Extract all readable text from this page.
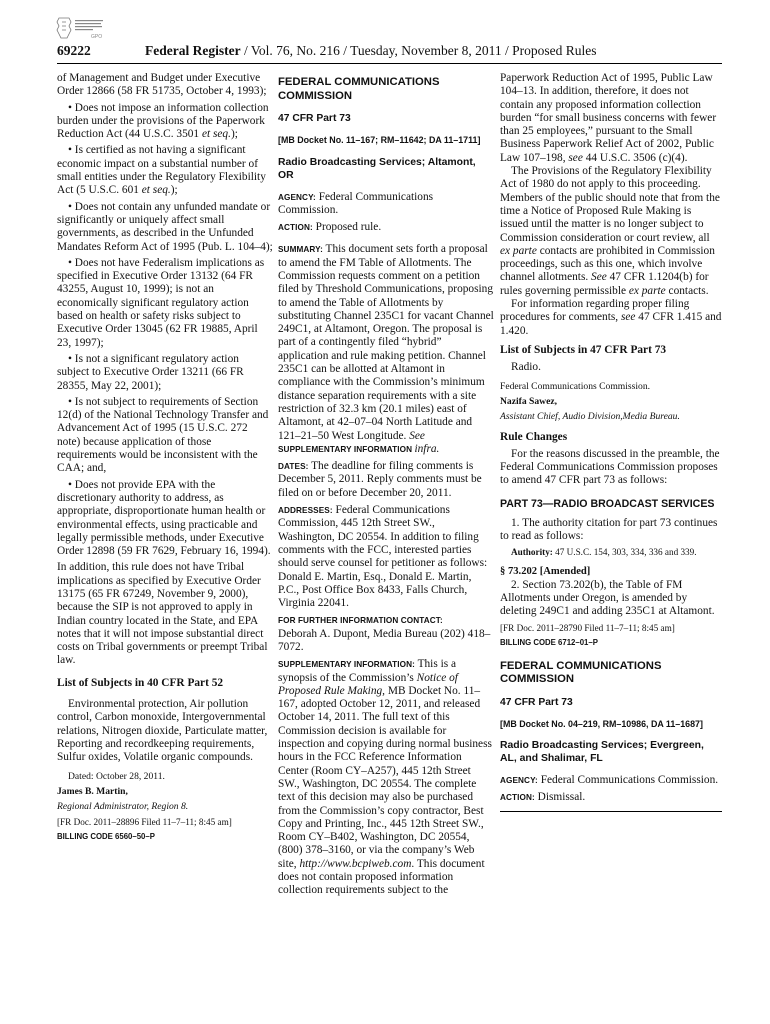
GPO
69222	Federal Register / Vol. 76, No. 216 / Tuesday, November 8, 2011 / Proposed Rules

of Management and Budget under Executive Order 12866 (58 FR 51735, October 4, 1993);

• Does not impose an information collection burden under the provisions of the Paperwork Reduction Act (44 U.S.C. 3501 et seq.);

• Is certified as not having a significant economic impact on a substantial number of small entities under the Regulatory Flexibility Act (5 U.S.C. 601 et seq.);

• Does not contain any unfunded mandate or significantly or uniquely affect small governments, as described in the Unfunded Mandates Reform Act of 1995 (Pub. L. 104–4);

• Does not have Federalism implications as specified in Executive Order 13132 (64 FR 43255, August 10, 1999); is not an economically significant regulatory action based on health or safety risks subject to Executive Order 13045 (62 FR 19885, April 23, 1997);

• Is not a significant regulatory action subject to Executive Order 13211 (66 FR 28355, May 22, 2001);

• Is not subject to requirements of Section 12(d) of the National Technology Transfer and Advancement Act of 1995 (15 U.S.C. 272 note) because application of those requirements would be inconsistent with the CAA; and,

• Does not provide EPA with the discretionary authority to address, as appropriate, disproportionate human health or environmental effects, using practicable and legally permissible methods, under Executive Order 12898 (59 FR 7629, February 16, 1994).

In addition, this rule does not have Tribal implications as specified by Executive Order 13175 (65 FR 67249, November 9, 2000), because the SIP is not approved to apply in Indian country located in the State, and EPA notes that it will not impose substantial direct costs on Tribal governments or preempt Tribal law.

List of Subjects in 40 CFR Part 52

Environmental protection, Air pollution control, Carbon monoxide, Intergovernmental relations, Nitrogen dioxide, Particulate matter, Reporting and recordkeeping requirements, Sulfur oxides, Volatile organic compounds.

Dated: October 28, 2011.

James B. Martin,

Regional Administrator, Region 8.

[FR Doc. 2011–28896 Filed 11–7–11; 8:45 am]

BILLING CODE 6560–50–P

FEDERAL COMMUNICATIONS COMMISSION

47 CFR Part 73

[MB Docket No. 11–167; RM–11642; DA 11–1711]

Radio Broadcasting Services; Altamont, OR

AGENCY: Federal Communications Commission.

ACTION: Proposed rule.

SUMMARY: This document sets forth a proposal to amend the FM Table of Allotments. The Commission requests comment on a petition filed by Threshold Communications, proposing to amend the Table of Allotments by substituting Channel 235C1 for vacant Channel 249C1, at Altamont, Oregon. The proposal is part of a contingently filed “hybrid” application and rule making petition. Channel 235C1 can be allotted at Altamont in compliance with the Commission’s minimum distance separation requirements with a site restriction of 32.3 km (20.1 miles) east of Altamont, at 42–07–04 North Latitude and 121–21–50 West Longitude. See SUPPLEMENTARY INFORMATION infra.

DATES: The deadline for filing comments is December 5, 2011. Reply comments must be filed on or before December 20, 2011.

ADDRESSES: Federal Communications Commission, 445 12th Street SW., Washington, DC 20554. In addition to filing comments with the FCC, interested parties should serve counsel for petitioner as follows: Donald E. Martin, Esq., Donald E. Martin, P.C., Post Office Box 8433, Falls Church, Virginia 22041.

FOR FURTHER INFORMATION CONTACT:
Deborah A. Dupont, Media Bureau (202) 418–7072.

SUPPLEMENTARY INFORMATION: This is a synopsis of the Commission’s Notice of Proposed Rule Making, MB Docket No. 11–167, adopted October 12, 2011, and released October 14, 2011. The full text of this Commission decision is available for inspection and copying during normal business hours in the FCC Reference Information Center (Room CY–A257), 445 12th Street SW., Washington, DC 20554. The complete text of this decision may also be purchased from the Commission’s copy contractor, Best Copy and Printing, Inc., 445 12th Street SW., Room CY–B402, Washington, DC 20554, (800) 378–3160, or via the company’s Web site, http://www.bcpiweb.com. This document does not contain proposed information collection requirements subject to the

Paperwork Reduction Act of 1995, Public Law 104–13. In addition, therefore, it does not contain any proposed information collection burden “for small business concerns with fewer than 25 employees,” pursuant to the Small Business Paperwork Relief Act of 2002, Public Law 107–198, see 44 U.S.C. 3506 (c)(4).

The Provisions of the Regulatory Flexibility Act of 1980 do not apply to this proceeding. Members of the public should note that from the time a Notice of Proposed Rule Making is issued until the matter is no longer subject to Commission consideration or court review, all ex parte contacts are prohibited in Commission proceedings, such as this one, which involve channel allotments. See 47 CFR 1.1204(b) for rules governing permissible ex parte contacts.

For information regarding proper filing procedures for comments, see 47 CFR 1.415 and 1.420.

List of Subjects in 47 CFR Part 73

Radio.

Federal Communications Commission.

Nazifa Sawez,

Assistant Chief, Audio Division,Media Bureau.

Rule Changes

For the reasons discussed in the preamble, the Federal Communications Commission proposes to amend 47 CFR part 73 as follows:

PART 73—RADIO BROADCAST SERVICES

1. The authority citation for part 73 continues to read as follows:

Authority: 47 U.S.C. 154, 303, 334, 336 and 339.

§ 73.202 [Amended]

2. Section 73.202(b), the Table of FM Allotments under Oregon, is amended by deleting 249C1 and adding 235C1 at Altamont.

[FR Doc. 2011–28790 Filed 11–7–11; 8:45 am]

BILLING CODE 6712–01–P

FEDERAL COMMUNICATIONS COMMISSION

47 CFR Part 73

[MB Docket No. 04–219, RM–10986, DA 11–1687]

Radio Broadcasting Services; Evergreen, AL, and Shalimar, FL

AGENCY: Federal Communications Commission.

ACTION: Dismissal.
